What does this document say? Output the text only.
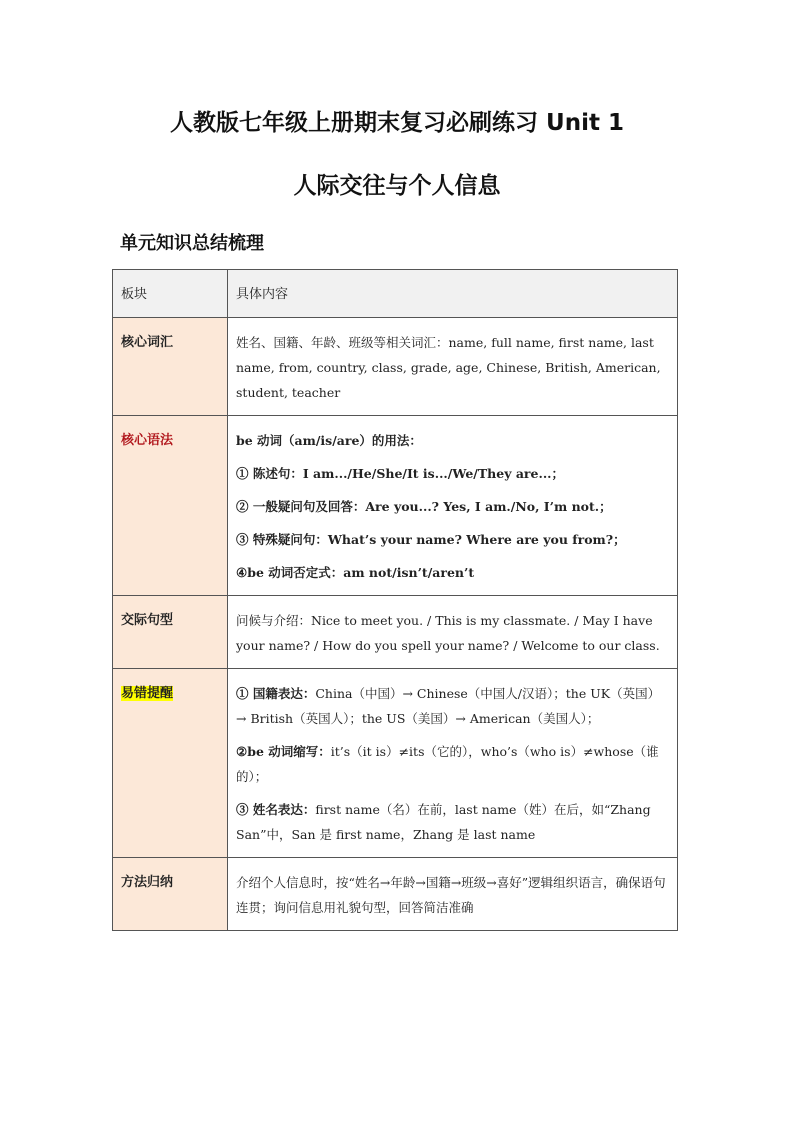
人教版七年级上册期末复习必刷练习 Unit 1
人际交往与个人信息
单元知识总结梳理
板块	具体内容
核心词汇	姓名、国籍、年龄、班级等相关词汇：name, full name, first name, last name, from, country, class, grade, age, Chinese, British, American, student, teacher
核心语法	be 动词（am/is/are）的用法：
① 陈述句：I am.../He/She/It is.../We/They are...；
② 一般疑问句及回答：Are you...? Yes, I am./No, I’m not.；
③ 特殊疑问句：What’s your name? Where are you from?；
④be 动词否定式：am not/isn’t/aren’t

交际句型	问候与介绍：Nice to meet you. / This is my classmate. / May I have your name? / How do you spell your name? / Welcome to our class.
易错提醒	① 国籍表达：China（中国）→ Chinese（中国人/汉语）；the UK（英国）→ British（英国人）；the US（美国）→ American（美国人）；
②be 动词缩写：it’s（it is）≠its（它的），who’s（who is）≠whose（谁的）；
③ 姓名表达：first name（名）在前，last name（姓）在后，如“Zhang San”中，San 是 first name，Zhang 是 last name

方法归纳	介绍个人信息时，按“姓名→年龄→国籍→班级→喜好”逻辑组织语言，确保语句连贯；询问信息用礼貌句型，回答简洁准确
